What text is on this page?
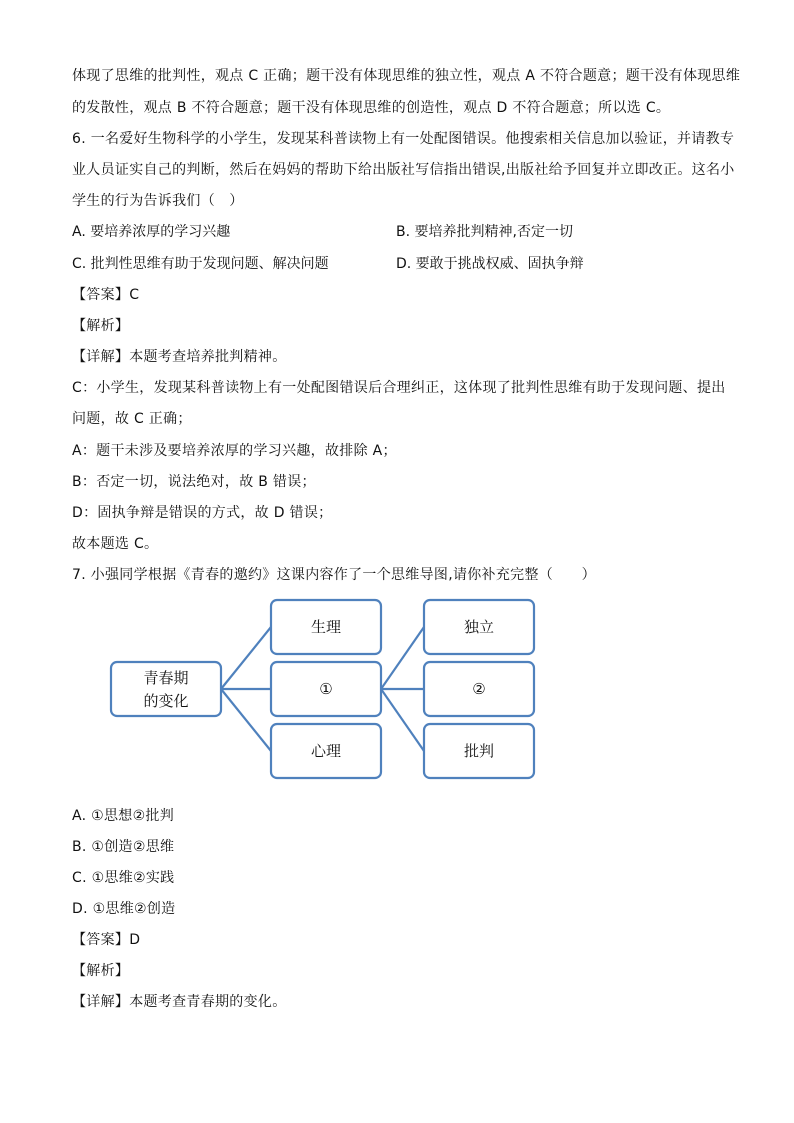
体现了思维的批判性，观点 C 正确；题干没有体现思维的独立性，观点 A 不符合题意；题干没有体现思维
的发散性，观点 B 不符合题意；题干没有体现思维的创造性，观点 D 不符合题意；所以选 C。
6. 一名爱好生物科学的小学生，发现某科普读物上有一处配图错误。他搜索相关信息加以验证，并请教专
业人员证实自己的判断，然后在妈妈的帮助下给出版社写信指出错误,出版社给予回复并立即改正。这名小
学生的行为告诉我们（　）
A. 要培养浓厚的学习兴趣	B. 要培养批判精神,否定一切
C. 批判性思维有助于发现问题、解决问题	D. 要敢于挑战权威、固执争辩
【答案】C
【解析】
【详解】本题考查培养批判精神。
C：小学生，发现某科普读物上有一处配图错误后合理纠正，这体现了批判性思维有助于发现问题、提出
问题，故 C 正确；
A：题干未涉及要培养浓厚的学习兴趣，故排除 A；
B：否定一切，说法绝对，故 B 错误；
D：固执争辩是错误的方式，故 D 错误；
故本题选 C。
7. 小强同学根据《青春的邀约》这课内容作了一个思维导图,请你补充完整（　　）
青春期
的变化
生理
①
心理
独立
②
批判
A. ①思想②批判
B. ①创造②思维
C. ①思维②实践
D. ①思维②创造
【答案】D
【解析】
【详解】本题考查青春期的变化。
